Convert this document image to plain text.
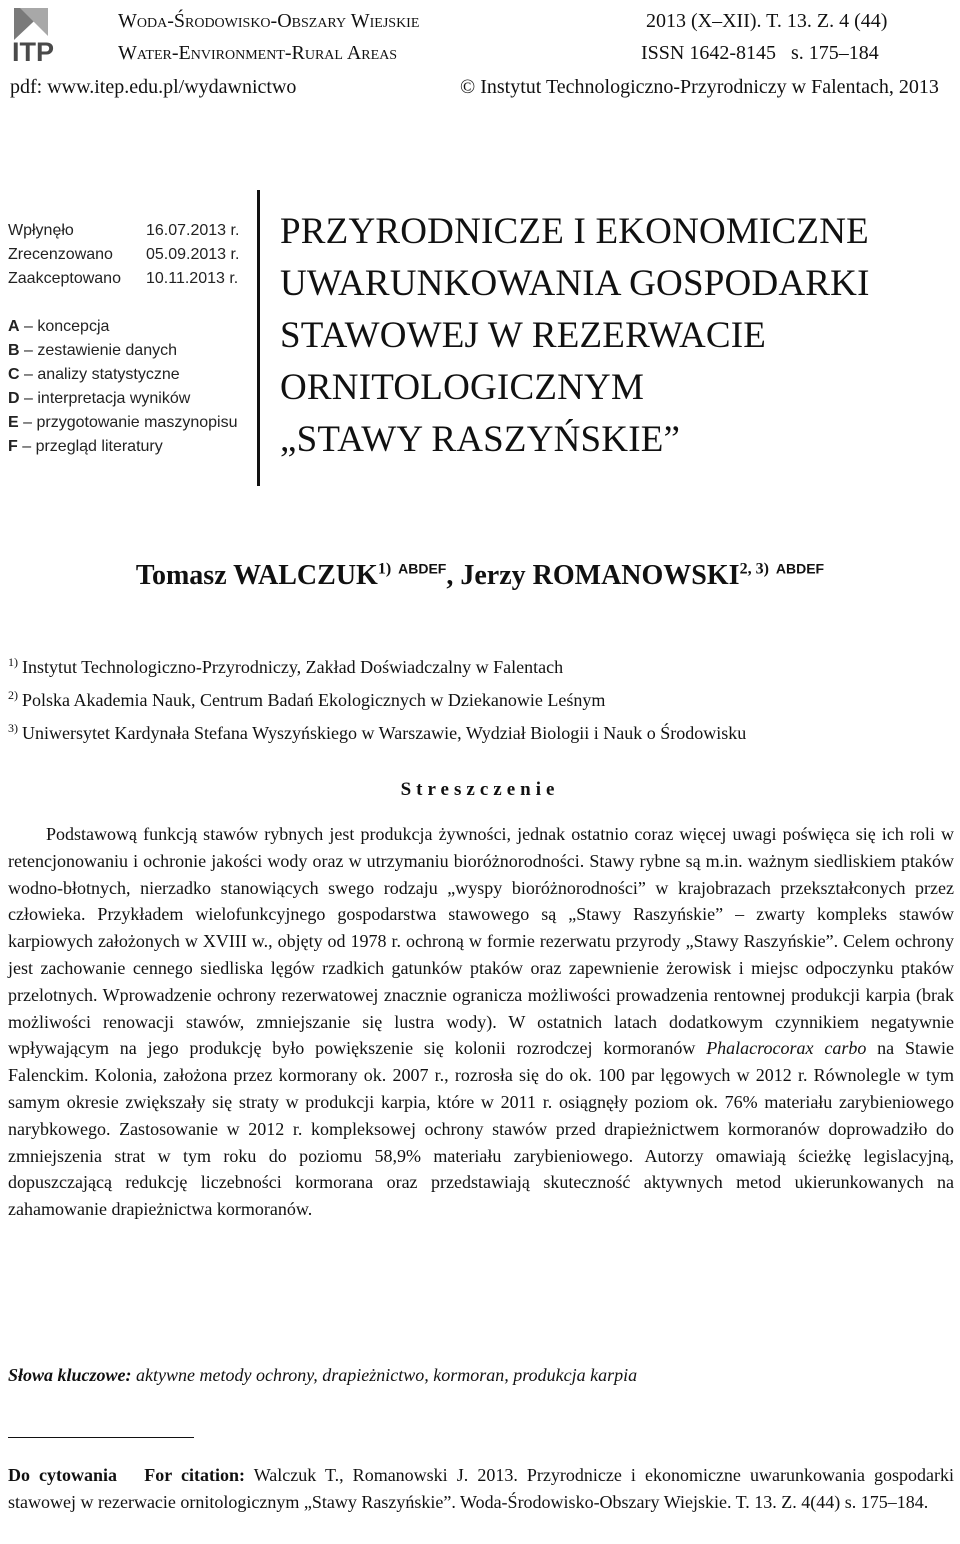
ITP
Woda-Środowisko-Obszary Wiejskie
Water-Environment-Rural Areas
2013 (X–XII). T. 13. Z. 4 (44)
ISSN 1642-8145   s. 175–184
pdf: www.itep.edu.pl/wydawnictwo	© Instytut Technologiczno-Przyrodniczy w Falentach, 2013
Wpłynęło	16.07.2013 r.
Zrecenzowano	05.09.2013 r.
Zaakceptowano	10.11.2013 r.
A – koncepcja
B – zestawienie danych
C – analizy statystyczne
D – interpretacja wyników
E – przygotowanie maszynopisu
F – przegląd literatury
PRZYRODNICZE I EKONOMICZNE
UWARUNKOWANIA GOSPODARKI
STAWOWEJ W REZERWACIE
ORNITOLOGICZNYM
„STAWY RASZYŃSKIE”
Tomasz WALCZUK$^{1)}$ $^{ABDEF}$, Jerzy ROMANOWSKI$^{2, 3)}$ $^{ABDEF}$
$^{1)}$ Instytut Technologiczno-Przyrodniczy, Zakład Doświadczalny w Falentach
$^{2)}$ Polska Akademia Nauk, Centrum Badań Ekologicznych w Dziekanowie Leśnym
$^{3)}$ Uniwersytet Kardynała Stefana Wyszyńskiego w Warszawie, Wydział Biologii i Nauk o Środowisku
Streszczenie
Podstawową funkcją stawów rybnych jest produkcja żywności, jednak ostatnio coraz więcej uwagi poświęca się ich roli w retencjonowaniu i ochronie jakości wody oraz w utrzymaniu bioróżnorodności. Stawy rybne są m.in. ważnym siedliskiem ptaków wodno-błotnych, nierzadko stanowiących swego rodzaju „wyspy bioróżnorodności” w krajobrazach przekształconych przez człowieka. Przykładem wielofunkcyjnego gospodarstwa stawowego są „Stawy Raszyńskie” – zwarty kompleks stawów karpiowych założonych w XVIII w., objęty od 1978 r. ochroną w formie rezerwatu przyrody „Stawy Raszyńskie”. Celem ochrony jest zachowanie cennego siedliska lęgów rzadkich gatunków ptaków oraz zapewnienie żerowisk i miejsc odpoczynku ptaków przelotnych. Wprowadzenie ochrony rezerwatowej znacznie ogranicza możliwości prowadzenia rentownej produkcji karpia (brak możliwości renowacji stawów, zmniejszanie się lustra wody). W ostatnich latach dodatkowym czynnikiem negatywnie wpływającym na jego produkcję było powiększenie się kolonii rozrodczej kormoranów Phalacrocorax carbo na Stawie Falenckim. Kolonia, założona przez kormorany ok. 2007 r., rozrosła się do ok. 100 par lęgowych w 2012 r. Równolegle w tym samym okresie zwiększały się straty w produkcji karpia, które w 2011 r. osiągnęły poziom ok. 76% materiału zarybieniowego narybkowego. Zastosowanie w 2012 r. kompleksowej ochrony stawów przed drapieżnictwem kormoranów doprowadziło do zmniejszenia strat w tym roku do poziomu 58,9% materiału zarybieniowego. Autorzy omawiają ścieżkę legislacyjną, dopuszczającą redukcję liczebności kormorana oraz przedstawiają skuteczność aktywnych metod ukierunkowanych na zahamowanie drapieżnictwa kormoranów.
Słowa kluczowe: aktywne metody ochrony, drapieżnictwo, kormoran, produkcja karpia
Do cytowania For citation: Walczuk T., Romanowski J. 2013. Przyrodnicze i ekonomiczne uwarunkowania gospodarki stawowej w rezerwacie ornitologicznym „Stawy Raszyńskie”. Woda-Środowisko-Obszary Wiejskie. T. 13. Z. 4(44) s. 175–184.
